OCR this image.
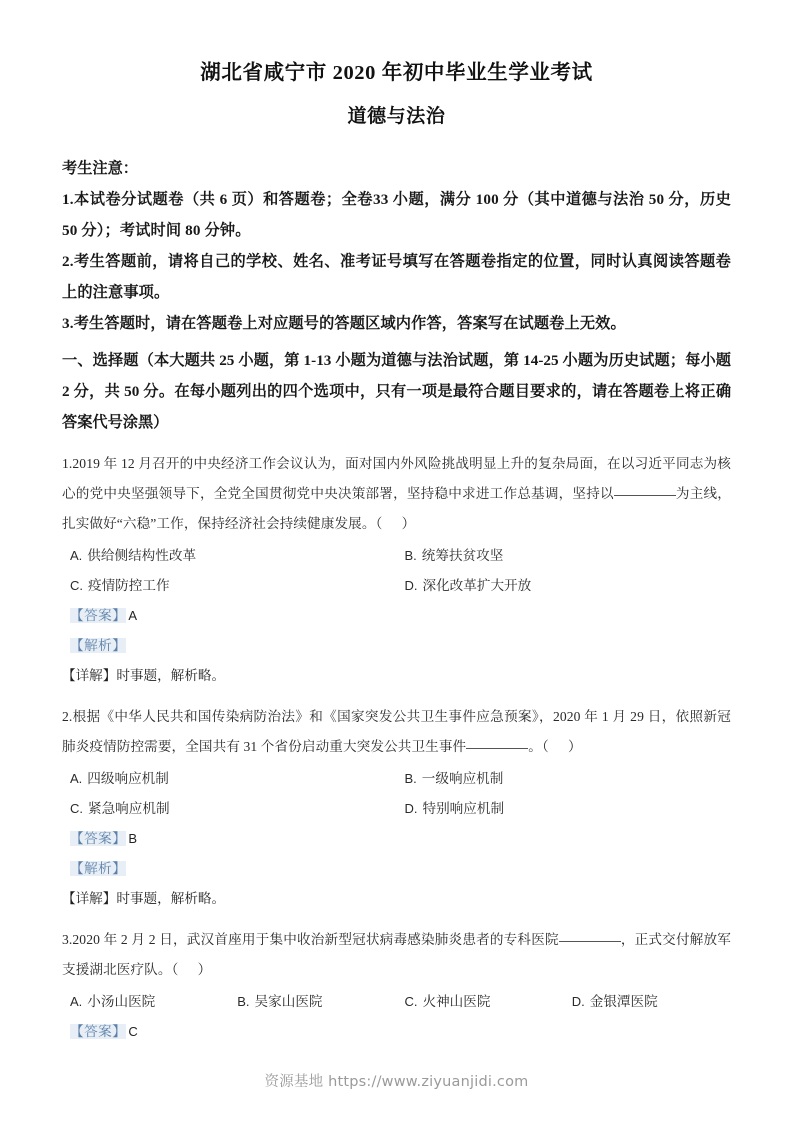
湖北省咸宁市 2020 年初中毕业生学业考试
道德与法治
考生注意：
1.本试卷分试题卷（共 6 页）和答题卷；全卷33 小题，满分 100 分（其中道德与法治 50 分，历史 50 分）；考试时间 80 分钟。
2.考生答题前，请将自己的学校、姓名、准考证号填写在答题卷指定的位置，同时认真阅读答题卷上的注意事项。
3.考生答题时，请在答题卷上对应题号的答题区域内作答，答案写在试题卷上无效。
一、选择题（本大题共 25 小题，第 1-13 小题为道德与法治试题，第 14-25 小题为历史试题；每小题 2 分，共 50 分。在每小题列出的四个选项中，只有一项是最符合题目要求的，请在答题卷上将正确答案代号涂黑）
1.2019 年 12 月召开的中央经济工作会议认为，面对国内外风险挑战明显上升的复杂局面，在以习近平同志为核心的党中央坚强领导下，全党全国贯彻党中央决策部署，坚持稳中求进工作总基调，坚持以	为主线，扎实做好“六稳”工作，保持经济社会持续健康发展。（ ）
A. 供给侧结构性改革	B. 统筹扶贫攻坚
C. 疫情防控工作	D. 深化改革扩大开放
【答案】 A
【解析】
【详解】时事题，解析略。
2.根据《中华人民共和国传染病防治法》和《国家突发公共卫生事件应急预案》，2020 年 1 月 29 日，依照新冠肺炎疫情防控需要，全国共有 31 个省份启动重大突发公共卫生事件	。（ ）
A. 四级响应机制	B. 一级响应机制
C. 紧急响应机制	D. 特别响应机制
【答案】 B
【解析】
【详解】时事题，解析略。
3.2020 年 2 月 2 日，武汉首座用于集中收治新型冠状病毒感染肺炎患者的专科医院	，正式交付解放军支援湖北医疗队。（ ）
A. 小汤山医院	B. 吴家山医院	C. 火神山医院	D. 金银潭医院
【答案】 C
资源基地 https://www.ziyuanjidi.com
